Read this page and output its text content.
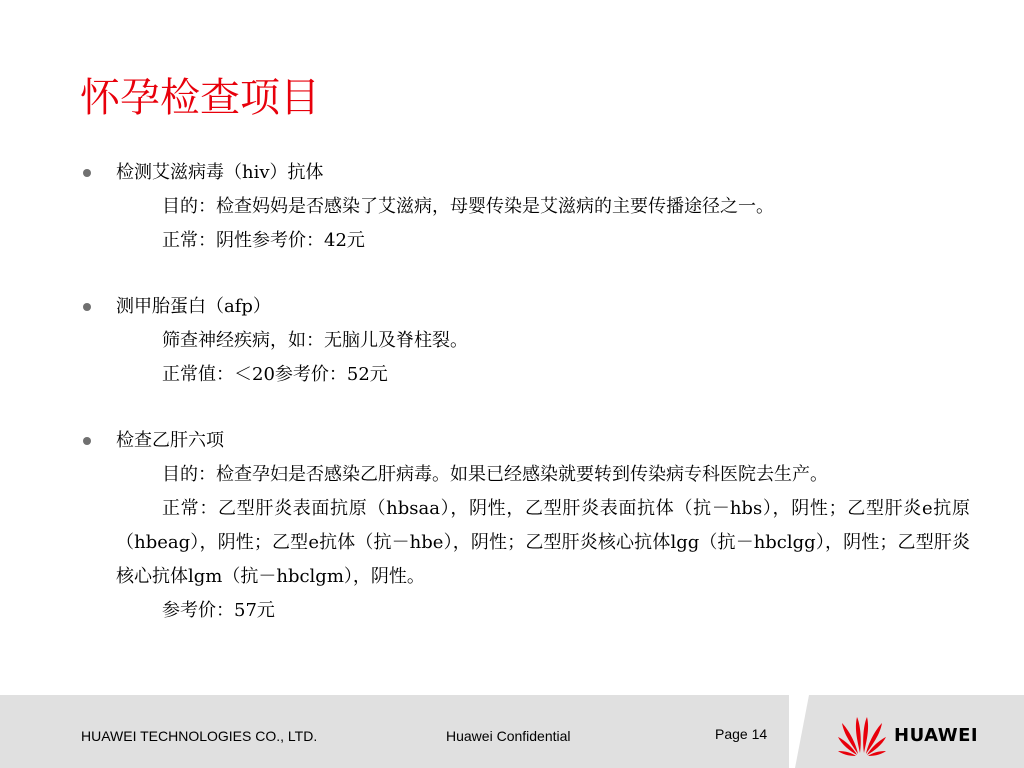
怀孕检查项目
检测艾滋病毒（hiv）抗体
目的：检查妈妈是否感染了艾滋病，母婴传染是艾滋病的主要传播途径之一。
正常：阴性参考价：42元
测甲胎蛋白（afp）
筛查神经疾病，如：无脑儿及脊柱裂。
正常值：＜20参考价：52元
检查乙肝六项
目的：检查孕妇是否感染乙肝病毒。如果已经感染就要转到传染病专科医院去生产。
正常：乙型肝炎表面抗原（hbsaa），阴性，乙型肝炎表面抗体（抗－hbs），阴性；乙型肝炎e抗原（hbeag），阴性；乙型e抗体（抗－hbe），阴性；乙型肝炎核心抗体lgg（抗－hbclgg），阴性；乙型肝炎核心抗体lgm（抗－hbclgm），阴性。
参考价：57元
HUAWEI TECHNOLOGIES CO., LTD.	Huawei Confidential	Page 14	HUAWEI
